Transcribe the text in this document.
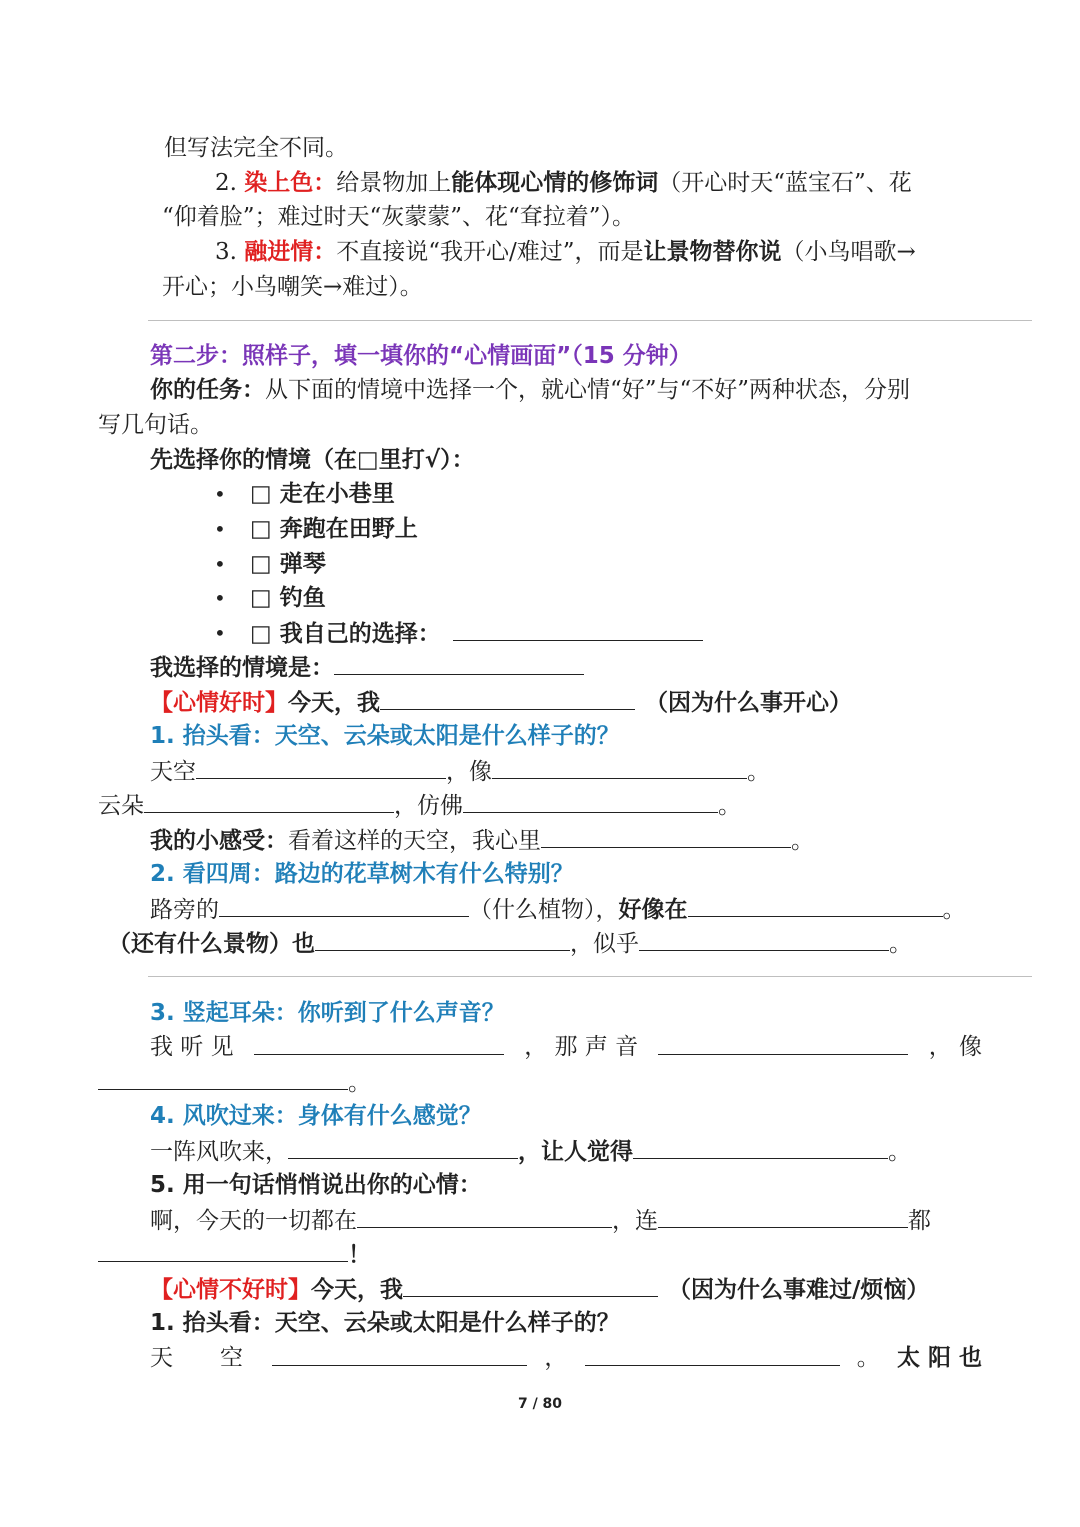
但写法完全不同。
2. 染上色：给景物加上能体现心情的修饰词（开心时天“蓝宝石”、花
“仰着脸”；难过时天“灰蒙蒙”、花“耷拉着”）。
3. 融进情：不直接说“我开心/难过”，而是让景物替你说（小鸟唱歌→
开心；小鸟嘲笑→难过）。
第二步：照样子，填一填你的“心情画面”（15 分钟）
你的任务：从下面的情境中选择一个，就心情“好”与“不好”两种状态，分别
写几句话。
先选择你的情境（在□里打√）：
• □ 走在小巷里
• □ 奔跑在田野上
• □ 弹琴
• □ 钓鱼
• □ 我自己的选择：
我选择的情境是：
【心情好时】今天，我	（因为什么事开心）
1. 抬头看：天空、云朵或太阳是什么样子的？
天空	，像	。
云朵	，仿佛	。
我的小感受：看着这样的天空，我心里	。
2. 看四周：路边的花草树木有什么特别？
路旁的	（什么植物），好像在	。
（还有什么景物）也	，似乎	。
3. 竖起耳朵：你听到了什么声音？
我 听 见	， 那 声 音	， 像
。
4. 风吹过来：身体有什么感觉？
一阵风吹来，	，让人觉得	。
5. 用一句话悄悄说出你的心情：
啊，今天的一切都在	，连	都
！
【心情不好时】今天，我	（因为什么事难过/烦恼）
1. 抬头看：天空、云朵或太阳是什么样子的？
天　空	，	。 太 阳 也
7 / 80
